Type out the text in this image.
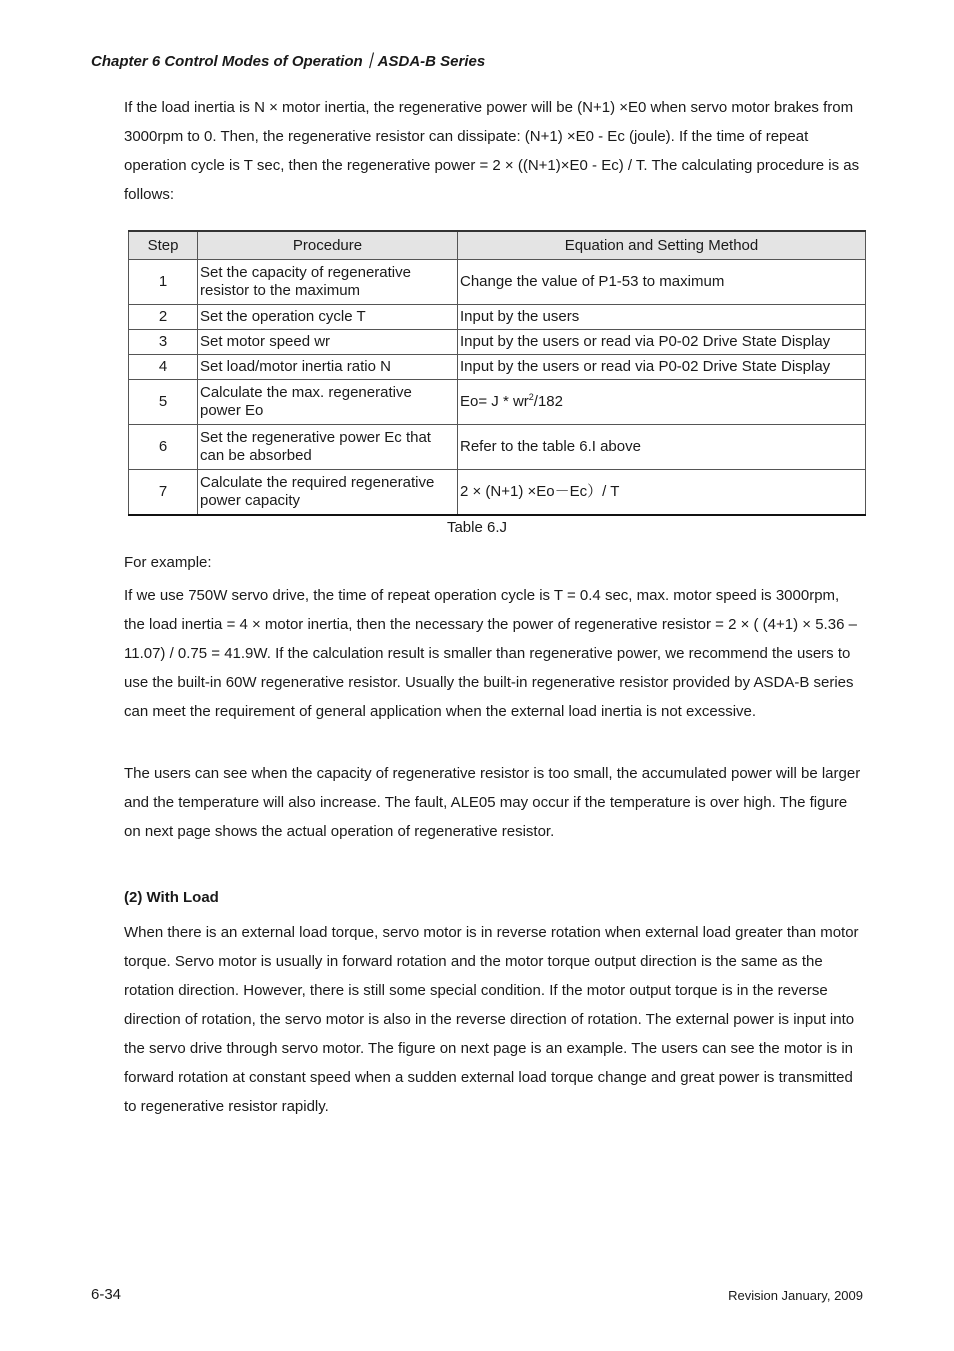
Chapter 6 Control Modes of Operation｜ASDA-B Series

If the load inertia is N × motor inertia, the regenerative power will be (N+1) ×E0 when servo motor brakes from 3000rpm to 0. Then, the regenerative resistor can dissipate: (N+1) ×E0 - Ec (joule). If the time of repeat operation cycle is T sec, then the regenerative power = 2 × ((N+1)×E0 - Ec) / T. The calculating procedure is as follows:

Step	Procedure	Equation and Setting Method
1	Set the capacity of regenerative resistor to the maximum	Change the value of P1-53 to maximum
2	Set the operation cycle T	Input by the users
3	Set motor speed wr	Input by the users or read via P0-02 Drive State Display
4	Set load/motor inertia ratio N	Input by the users or read via P0-02 Drive State Display
5	Calculate the max. regenerative power Eo	$Eo= J * wr^2/182$
6	Set the regenerative power Ec that can be absorbed	Refer to the table 6.I above
7	Calculate the required regenerative power capacity	2 × (N+1) ×Eo－Ec）/ T
Table 6.J

For example:

If we use 750W servo drive, the time of repeat operation cycle is T = 0.4 sec, max. motor speed is 3000rpm, the load inertia = 4 × motor inertia, then the necessary the power of regenerative resistor = 2 × ( (4+1) × 5.36 – 11.07) / 0.75 = 41.9W. If the calculation result is smaller than regenerative power, we recommend the users to use the built-in 60W regenerative resistor. Usually the built-in regenerative resistor provided by ASDA-B series can meet the requirement of general application when the external load inertia is not excessive.

The users can see when the capacity of regenerative resistor is too small, the accumulated power will be larger and the temperature will also increase. The fault, ALE05 may occur if the temperature is over high. The figure on next page shows the actual operation of regenerative resistor.

(2) With Load

When there is an external load torque, servo motor is in reverse rotation when external load greater than motor torque. Servo motor is usually in forward rotation and the motor torque output direction is the same as the rotation direction. However, there is still some special condition. If the motor output torque is in the reverse direction of rotation, the servo motor is also in the reverse direction of rotation. The external power is input into the servo drive through servo motor. The figure on next page is an example. The users can see the motor is in forward rotation at constant speed when a sudden external load torque change and great power is transmitted to regenerative resistor rapidly.

6-34	Revision January, 2009
